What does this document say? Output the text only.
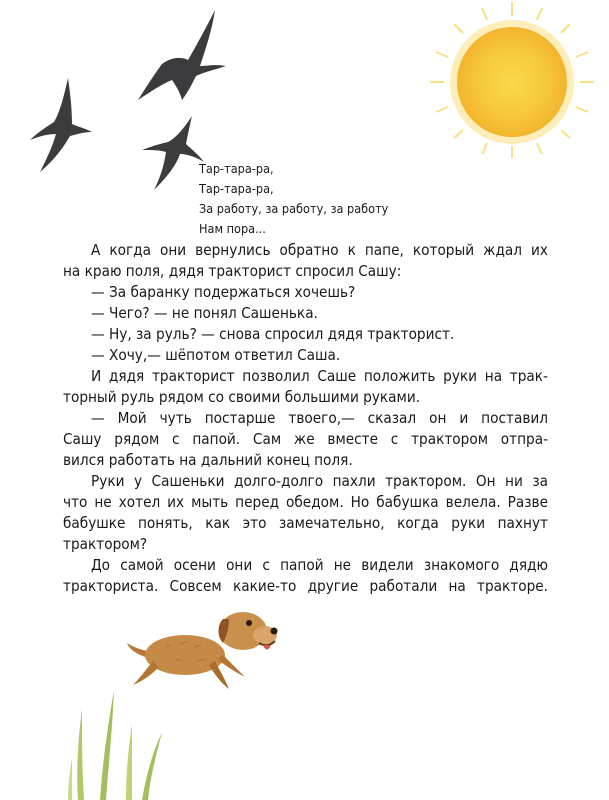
Тар-тара-ра,
Тар-тара-ра,
За работу, за работу, за работу
Нам пора...
А когда они вернулись обратно к папе, который ждал их
на краю поля, дядя тракторист спросил Сашу:
— За баранку подержаться хочешь?
— Чего? — не понял Сашенька.
— Ну, за руль? — снова спросил дядя тракторист.
— Хочу,— шёпотом ответил Саша.
И дядя тракторист позволил Саше положить руки на трак-
торный руль рядом со своими большими руками.
— Мой чуть постарше твоего,— сказал он и поставил
Сашу рядом с папой. Сам же вместе с трактором отпра-
вился работать на дальний конец поля.
Руки у Сашеньки долго-долго пахли трактором. Он ни за
что не хотел их мыть перед обедом. Но бабушка велела. Разве
бабушке понять, как это замечательно, когда руки пахнут
трактором?
До самой осени они с папой не видели знакомого дядю
тракториста. Совсем какие-то другие работали на тракторе.
